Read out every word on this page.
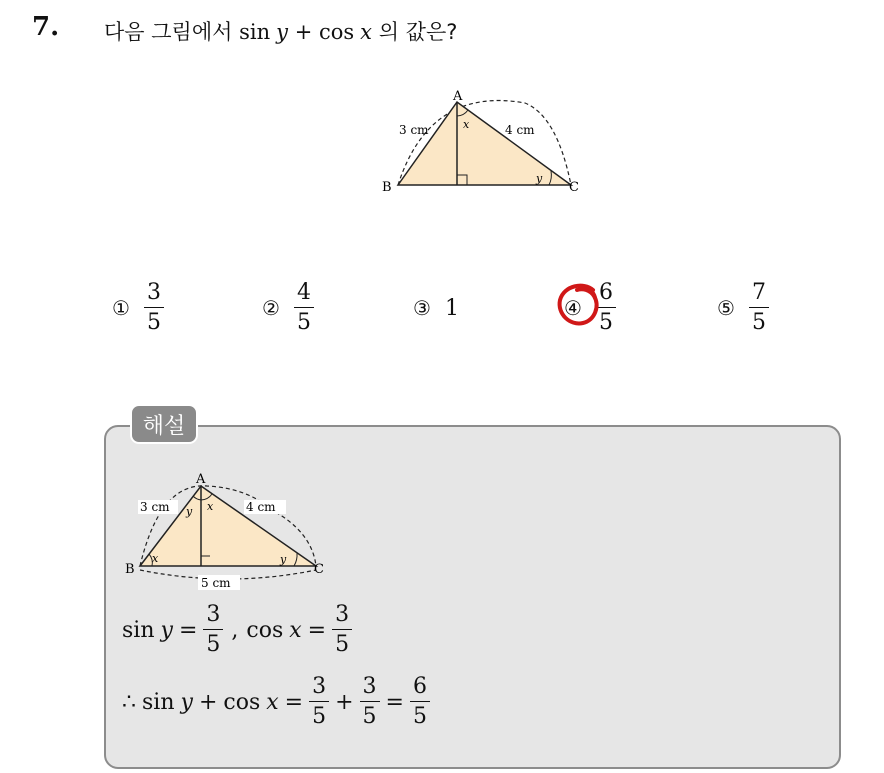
7. 다음 그림에서 sin y + cos x 의 값은?
A
B	C
3 cm	4 cm
x
y
① $\frac{3}{5}$	② $\frac{4}{5}$	③ 1	④ $\frac{6}{5}$	⑤ $\frac{7}{5}$
해설
A
B	C
3 cm	4 cm
5 cm
x
y
x	y
$\sin y = \frac{3}{5}$ , $\cos x = \frac{3}{5}$
∴ $\sin y + \cos x = \frac{3}{5} + \frac{3}{5} = \frac{6}{5}$
